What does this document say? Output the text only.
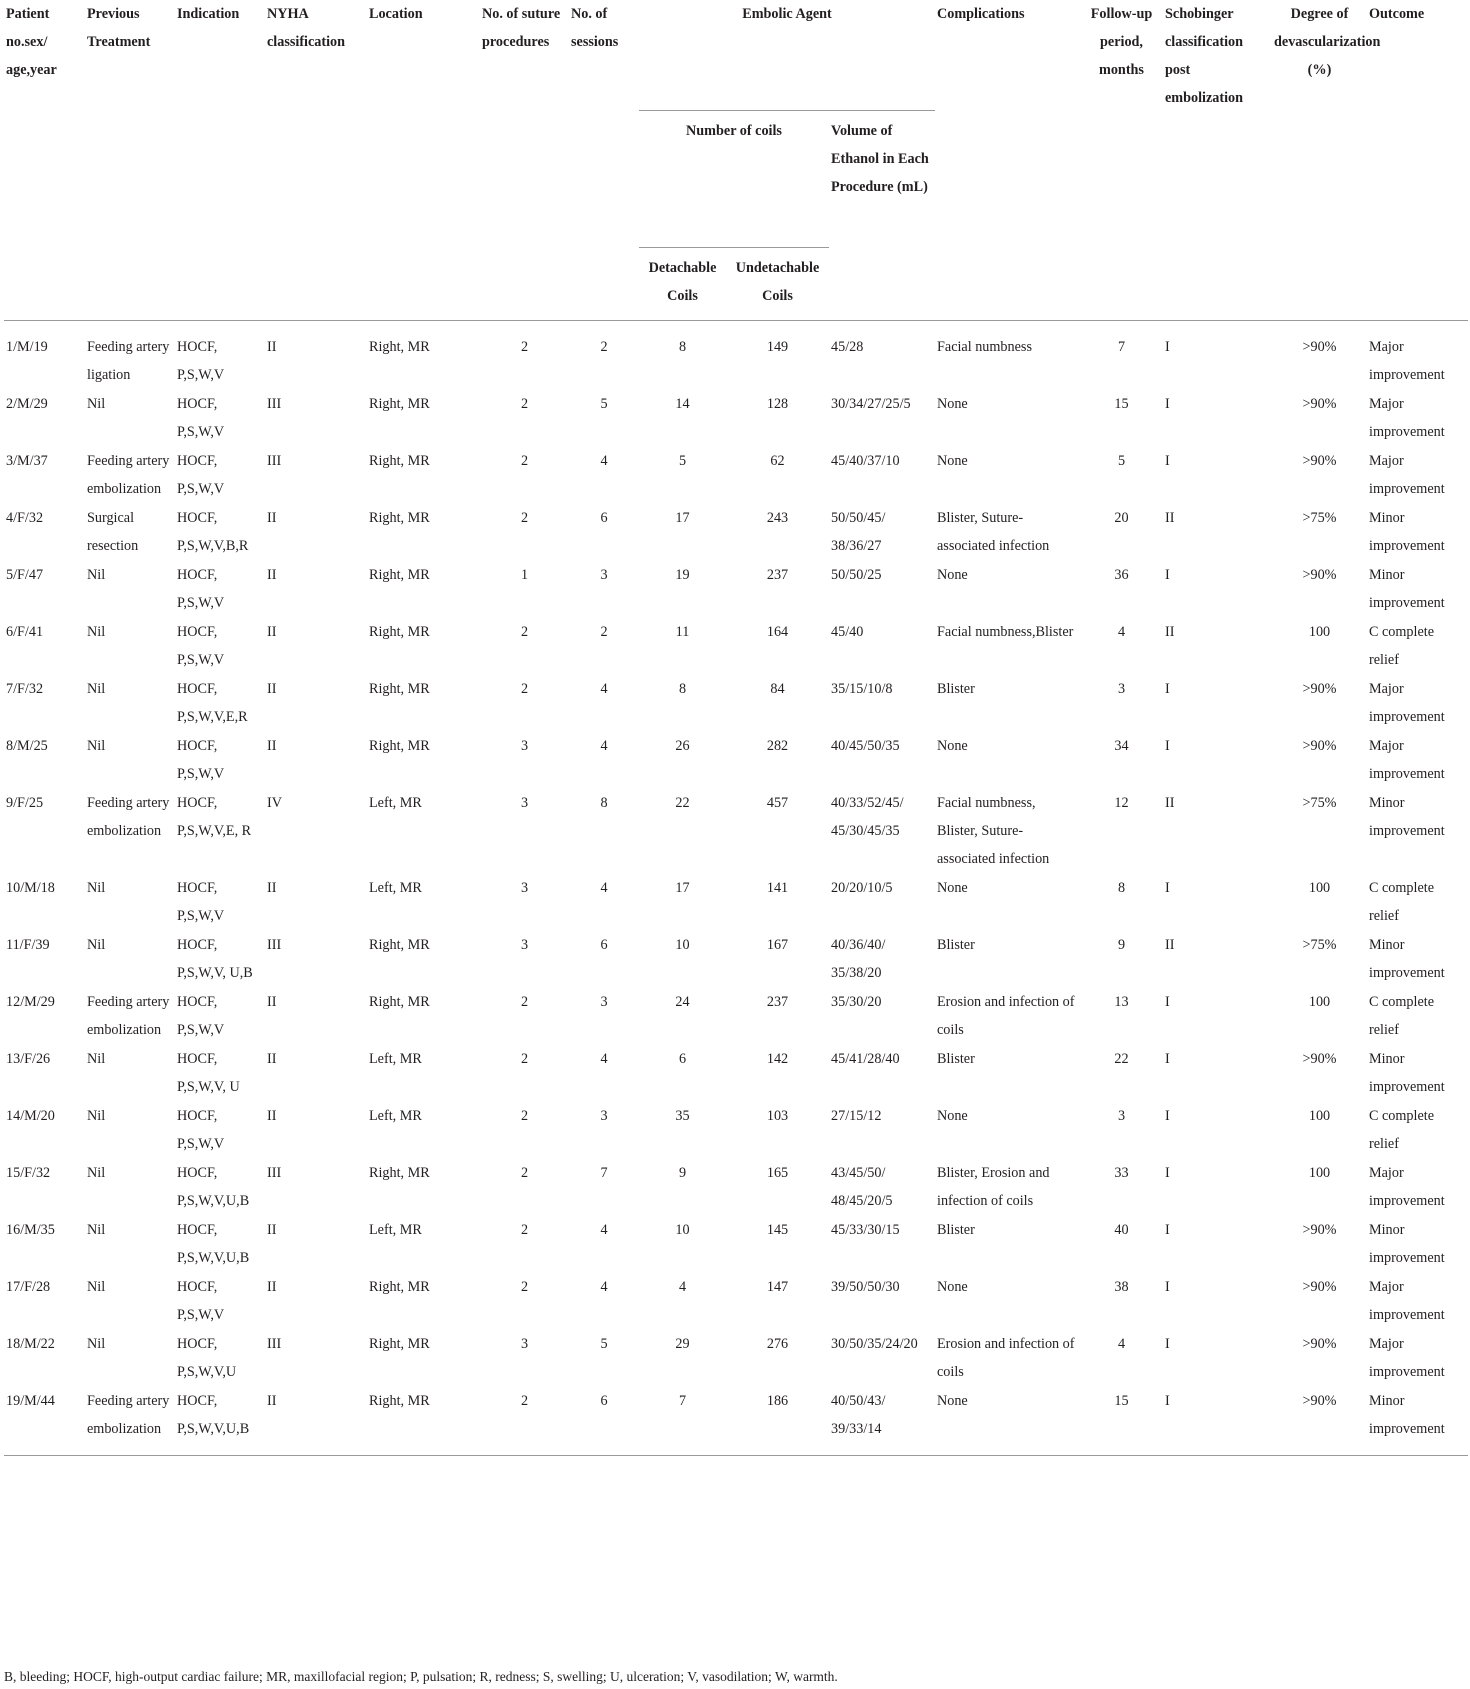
Patient no.sex/ age,year	Previous Treatment	Indication	NYHA classification	Location	No. of suture procedures	No. of sessions	Embolic Agent			Complications	Follow-up period, months	Schobinger classification post embolization	Degree of devascularization (%)	Outcome
							Number of coils		Volume of Ethanol in Each Procedure (mL)					
							Detachable Coils	Undetachable Coils						

1/M/19	Feeding artery ligation	HOCF, P,S,W,V	II	Right, MR	2	2	8	149	45/28	Facial numbness	7	I	>90%	Major improvement
2/M/29	Nil	HOCF, P,S,W,V	III	Right, MR	2	5	14	128	30/34/27/25/5	None	15	I	>90%	Major improvement
3/M/37	Feeding artery embolization	HOCF, P,S,W,V	III	Right, MR	2	4	5	62	45/40/37/10	None	5	I	>90%	Major improvement
4/F/32	Surgical resection	HOCF, P,S,W,V,B,R	II	Right, MR	2	6	17	243	50/50/45/ 38/36/27	Blister, Suture-associated infection	20	II	>75%	Minor improvement
5/F/47	Nil	HOCF, P,S,W,V	II	Right, MR	1	3	19	237	50/50/25	None	36	I	>90%	Minor improvement
6/F/41	Nil	HOCF, P,S,W,V	II	Right, MR	2	2	11	164	45/40	Facial numbness,Blister	4	II	100	C complete relief
7/F/32	Nil	HOCF, P,S,W,V,E,R	II	Right, MR	2	4	8	84	35/15/10/8	Blister	3	I	>90%	Major improvement
8/M/25	Nil	HOCF, P,S,W,V	II	Right, MR	3	4	26	282	40/45/50/35	None	34	I	>90%	Major improvement
9/F/25	Feeding artery embolization	HOCF, P,S,W,V,E, R	IV	Left, MR	3	8	22	457	40/33/52/45/ 45/30/45/35	Facial numbness, Blister, Suture-associated infection	12	II	>75%	Minor improvement
10/M/18	Nil	HOCF, P,S,W,V	II	Left, MR	3	4	17	141	20/20/10/5	None	8	I	100	C complete relief
11/F/39	Nil	HOCF, P,S,W,V, U,B	III	Right, MR	3	6	10	167	40/36/40/ 35/38/20	Blister	9	II	>75%	Minor improvement
12/M/29	Feeding artery embolization	HOCF, P,S,W,V	II	Right, MR	2	3	24	237	35/30/20	Erosion and infection of coils	13	I	100	C complete relief
13/F/26	Nil	HOCF, P,S,W,V, U	II	Left, MR	2	4	6	142	45/41/28/40	Blister	22	I	>90%	Minor improvement
14/M/20	Nil	HOCF, P,S,W,V	II	Left, MR	2	3	35	103	27/15/12	None	3	I	100	C complete relief
15/F/32	Nil	HOCF, P,S,W,V,U,B	III	Right, MR	2	7	9	165	43/45/50/ 48/45/20/5	Blister, Erosion and infection of coils	33	I	100	Major improvement
16/M/35	Nil	HOCF, P,S,W,V,U,B	II	Left, MR	2	4	10	145	45/33/30/15	Blister	40	I	>90%	Minor improvement
17/F/28	Nil	HOCF, P,S,W,V	II	Right, MR	2	4	4	147	39/50/50/30	None	38	I	>90%	Major improvement
18/M/22	Nil	HOCF, P,S,W,V,U	III	Right, MR	3	5	29	276	30/50/35/24/20	Erosion and infection of coils	4	I	>90%	Major improvement
19/M/44	Feeding artery embolization	HOCF, P,S,W,V,U,B	II	Right, MR	2	6	7	186	40/50/43/ 39/33/14	None	15	I	>90%	Minor improvement
B, bleeding; HOCF, high-output cardiac failure; MR, maxillofacial region; P, pulsation; R, redness; S, swelling; U, ulceration; V, vasodilation; W, warmth.
